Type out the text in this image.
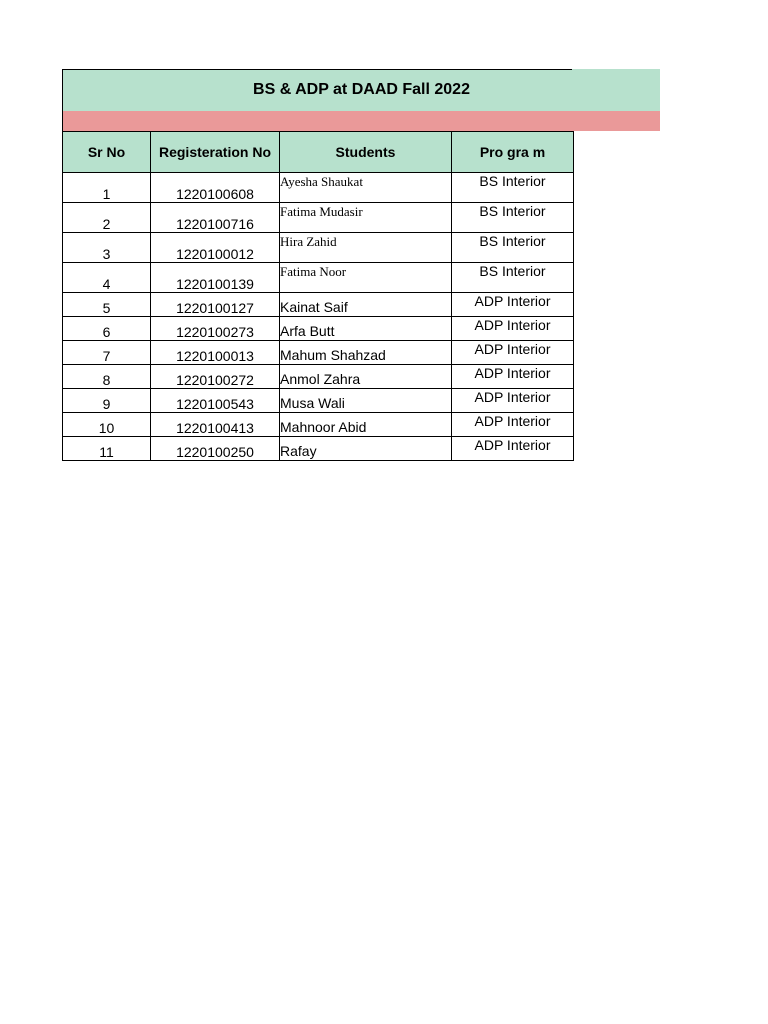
BS & ADP at DAAD Fall 2022
Sr No	Registeration No	Students	Pro gra m
1	1220100608	Ayesha Shaukat	BS Interior
2	1220100716	Fatima Mudasir	BS Interior
3	1220100012	Hira Zahid	BS Interior
4	1220100139	Fatima Noor	BS Interior
5	1220100127	Kainat Saif	ADP Interior
6	1220100273	Arfa Butt	ADP Interior
7	1220100013	Mahum Shahzad	ADP Interior
8	1220100272	Anmol Zahra	ADP Interior
9	1220100543	Musa Wali	ADP Interior
10	1220100413	Mahnoor Abid	ADP Interior
11	1220100250	Rafay	ADP Interior
